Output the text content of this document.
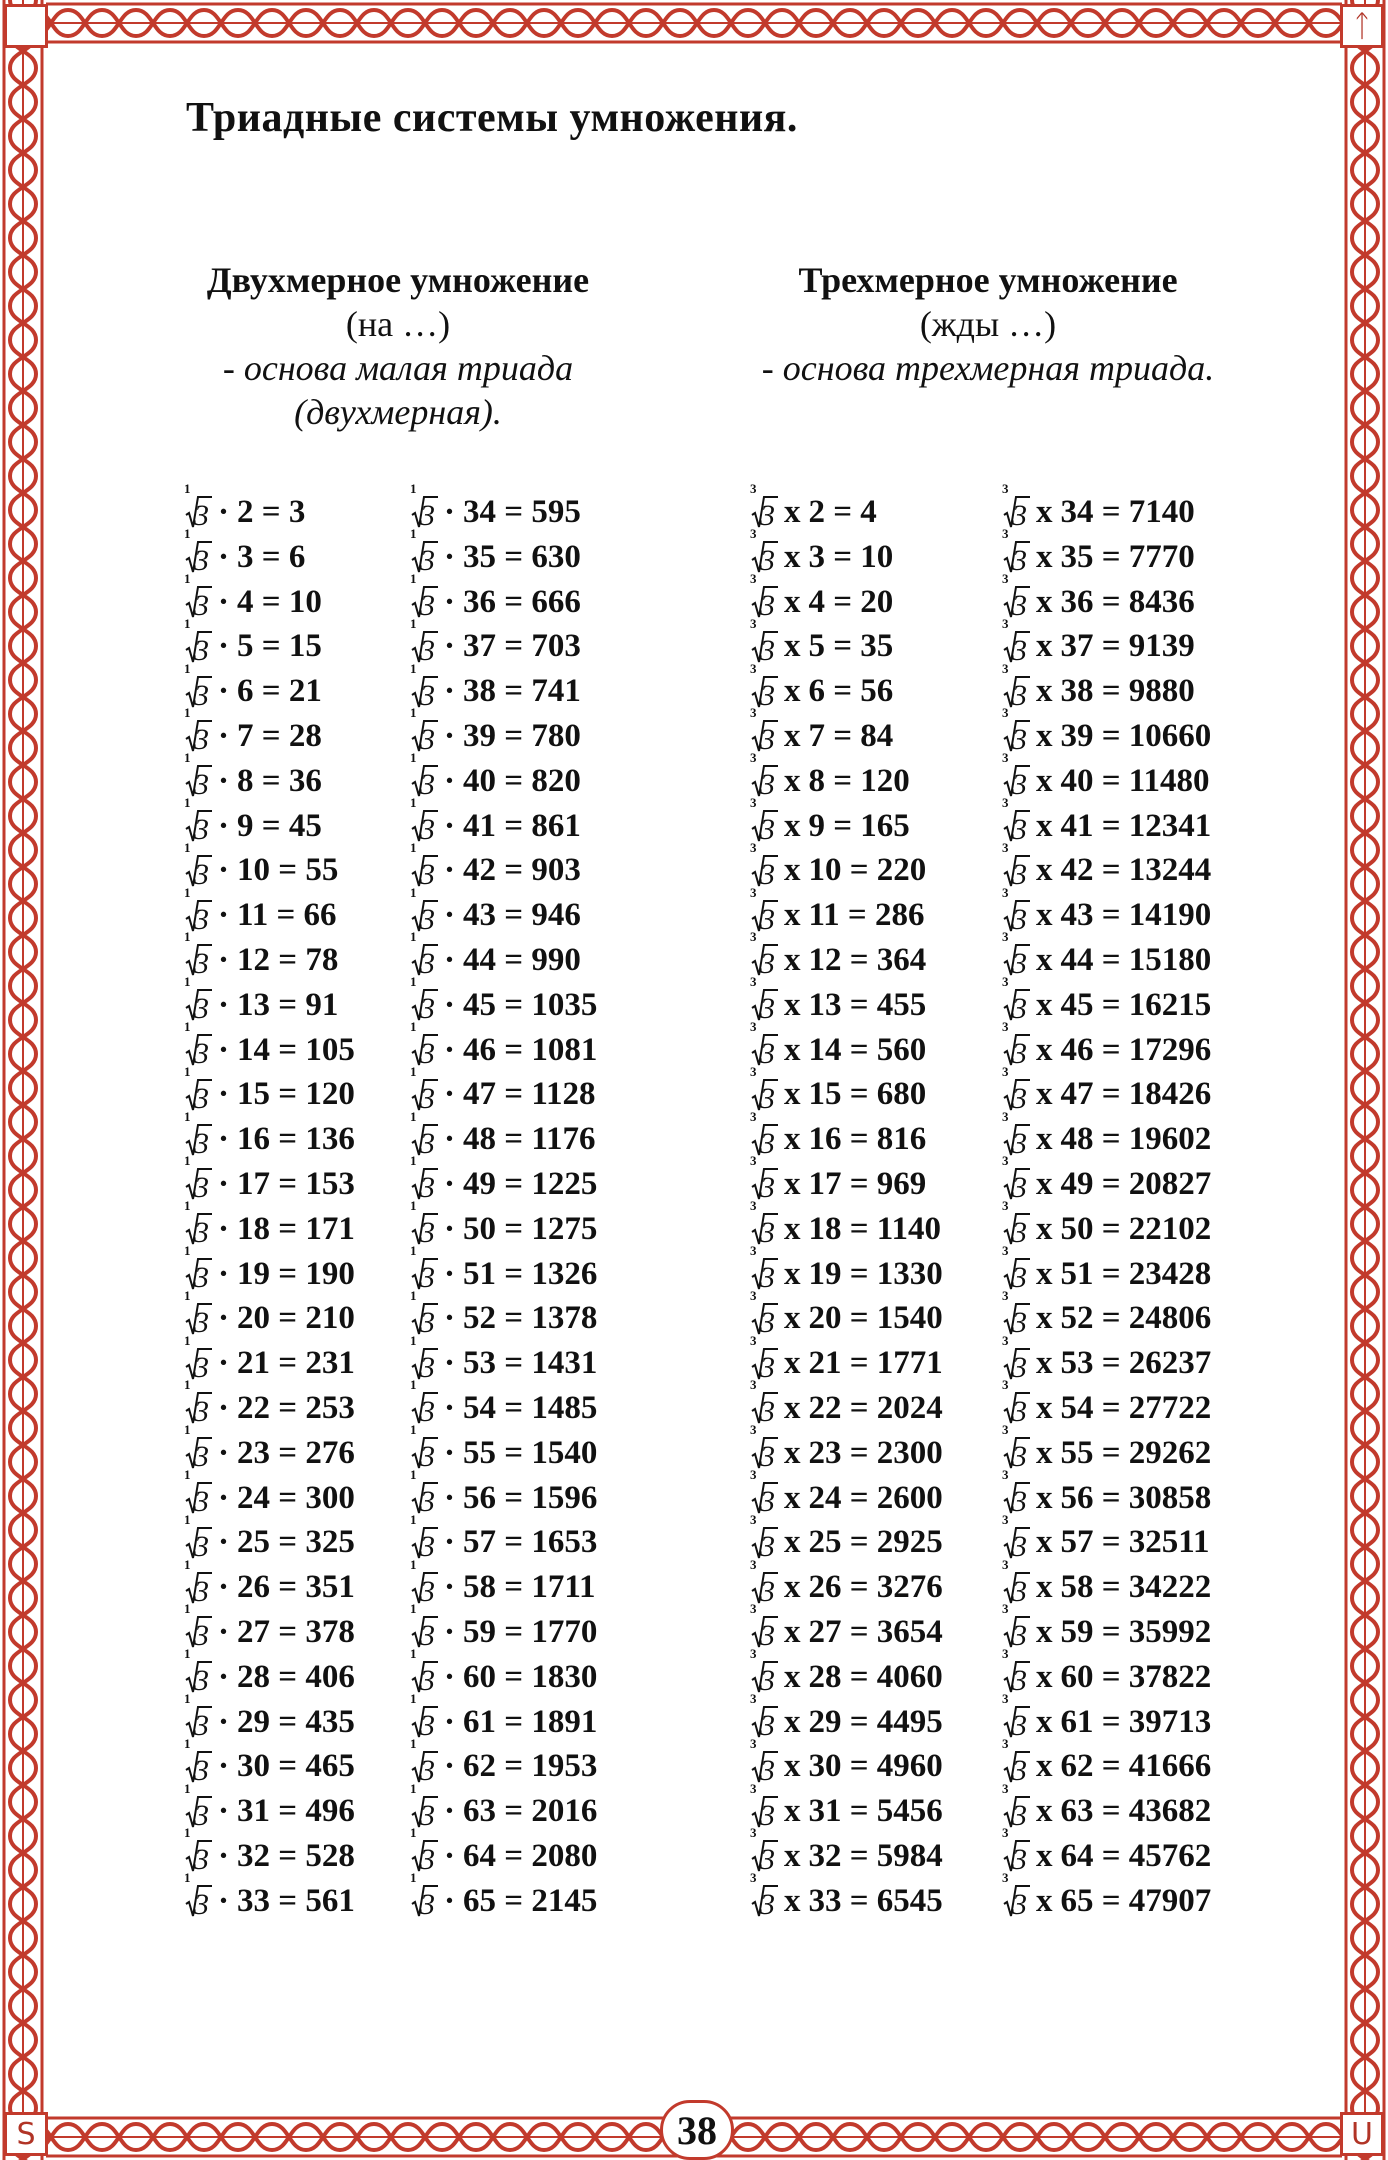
ᛏ
S	U
Триадные системы умножения.
Двухмерное умножение
(на …)
- основа малая триада
(двухмерная).
Трехмерное умножение
(жды …)
- основа трехмерная триада.
1
3 · 2 = 3
1
3 · 3 = 6
1
3 · 4 = 10
1
3 · 5 = 15
1
3 · 6 = 21
1
3 · 7 = 28
1
3 · 8 = 36
1
3 · 9 = 45
1
3 · 10 = 55
1
3 · 11 = 66
1
3 · 12 = 78
1
3 · 13 = 91
1
3 · 14 = 105
1
3 · 15 = 120
1
3 · 16 = 136
1
3 · 17 = 153
1
3 · 18 = 171
1
3 · 19 = 190
1
3 · 20 = 210
1
3 · 21 = 231
1
3 · 22 = 253
1
3 · 23 = 276
1
3 · 24 = 300
1
3 · 25 = 325
1
3 · 26 = 351
1
3 · 27 = 378
1
3 · 28 = 406
1
3 · 29 = 435
1
3 · 30 = 465
1
3 · 31 = 496
1
3 · 32 = 528
1
3 · 33 = 561
1
3 · 34 = 595
1
3 · 35 = 630
1
3 · 36 = 666
1
3 · 37 = 703
1
3 · 38 = 741
1
3 · 39 = 780
1
3 · 40 = 820
1
3 · 41 = 861
1
3 · 42 = 903
1
3 · 43 = 946
1
3 · 44 = 990
1
3 · 45 = 1035
1
3 · 46 = 1081
1
3 · 47 = 1128
1
3 · 48 = 1176
1
3 · 49 = 1225
1
3 · 50 = 1275
1
3 · 51 = 1326
1
3 · 52 = 1378
1
3 · 53 = 1431
1
3 · 54 = 1485
1
3 · 55 = 1540
1
3 · 56 = 1596
1
3 · 57 = 1653
1
3 · 58 = 1711
1
3 · 59 = 1770
1
3 · 60 = 1830
1
3 · 61 = 1891
1
3 · 62 = 1953
1
3 · 63 = 2016
1
3 · 64 = 2080
1
3 · 65 = 2145
3
3 x 2 = 4
3
3 x 3 = 10
3
3 x 4 = 20
3
3 x 5 = 35
3
3 x 6 = 56
3
3 x 7 = 84
3
3 x 8 = 120
3
3 x 9 = 165
3
3 x 10 = 220
3
3 x 11 = 286
3
3 x 12 = 364
3
3 x 13 = 455
3
3 x 14 = 560
3
3 x 15 = 680
3
3 x 16 = 816
3
3 x 17 = 969
3
3 x 18 = 1140
3
3 x 19 = 1330
3
3 x 20 = 1540
3
3 x 21 = 1771
3
3 x 22 = 2024
3
3 x 23 = 2300
3
3 x 24 = 2600
3
3 x 25 = 2925
3
3 x 26 = 3276
3
3 x 27 = 3654
3
3 x 28 = 4060
3
3 x 29 = 4495
3
3 x 30 = 4960
3
3 x 31 = 5456
3
3 x 32 = 5984
3
3 x 33 = 6545
3
3 x 34 = 7140
3
3 x 35 = 7770
3
3 x 36 = 8436
3
3 x 37 = 9139
3
3 x 38 = 9880
3
3 x 39 = 10660
3
3 x 40 = 11480
3
3 x 41 = 12341
3
3 x 42 = 13244
3
3 x 43 = 14190
3
3 x 44 = 15180
3
3 x 45 = 16215
3
3 x 46 = 17296
3
3 x 47 = 18426
3
3 x 48 = 19602
3
3 x 49 = 20827
3
3 x 50 = 22102
3
3 x 51 = 23428
3
3 x 52 = 24806
3
3 x 53 = 26237
3
3 x 54 = 27722
3
3 x 55 = 29262
3
3 x 56 = 30858
3
3 x 57 = 32511
3
3 x 58 = 34222
3
3 x 59 = 35992
3
3 x 60 = 37822
3
3 x 61 = 39713
3
3 x 62 = 41666
3
3 x 63 = 43682
3
3 x 64 = 45762
3
3 x 65 = 47907
38
